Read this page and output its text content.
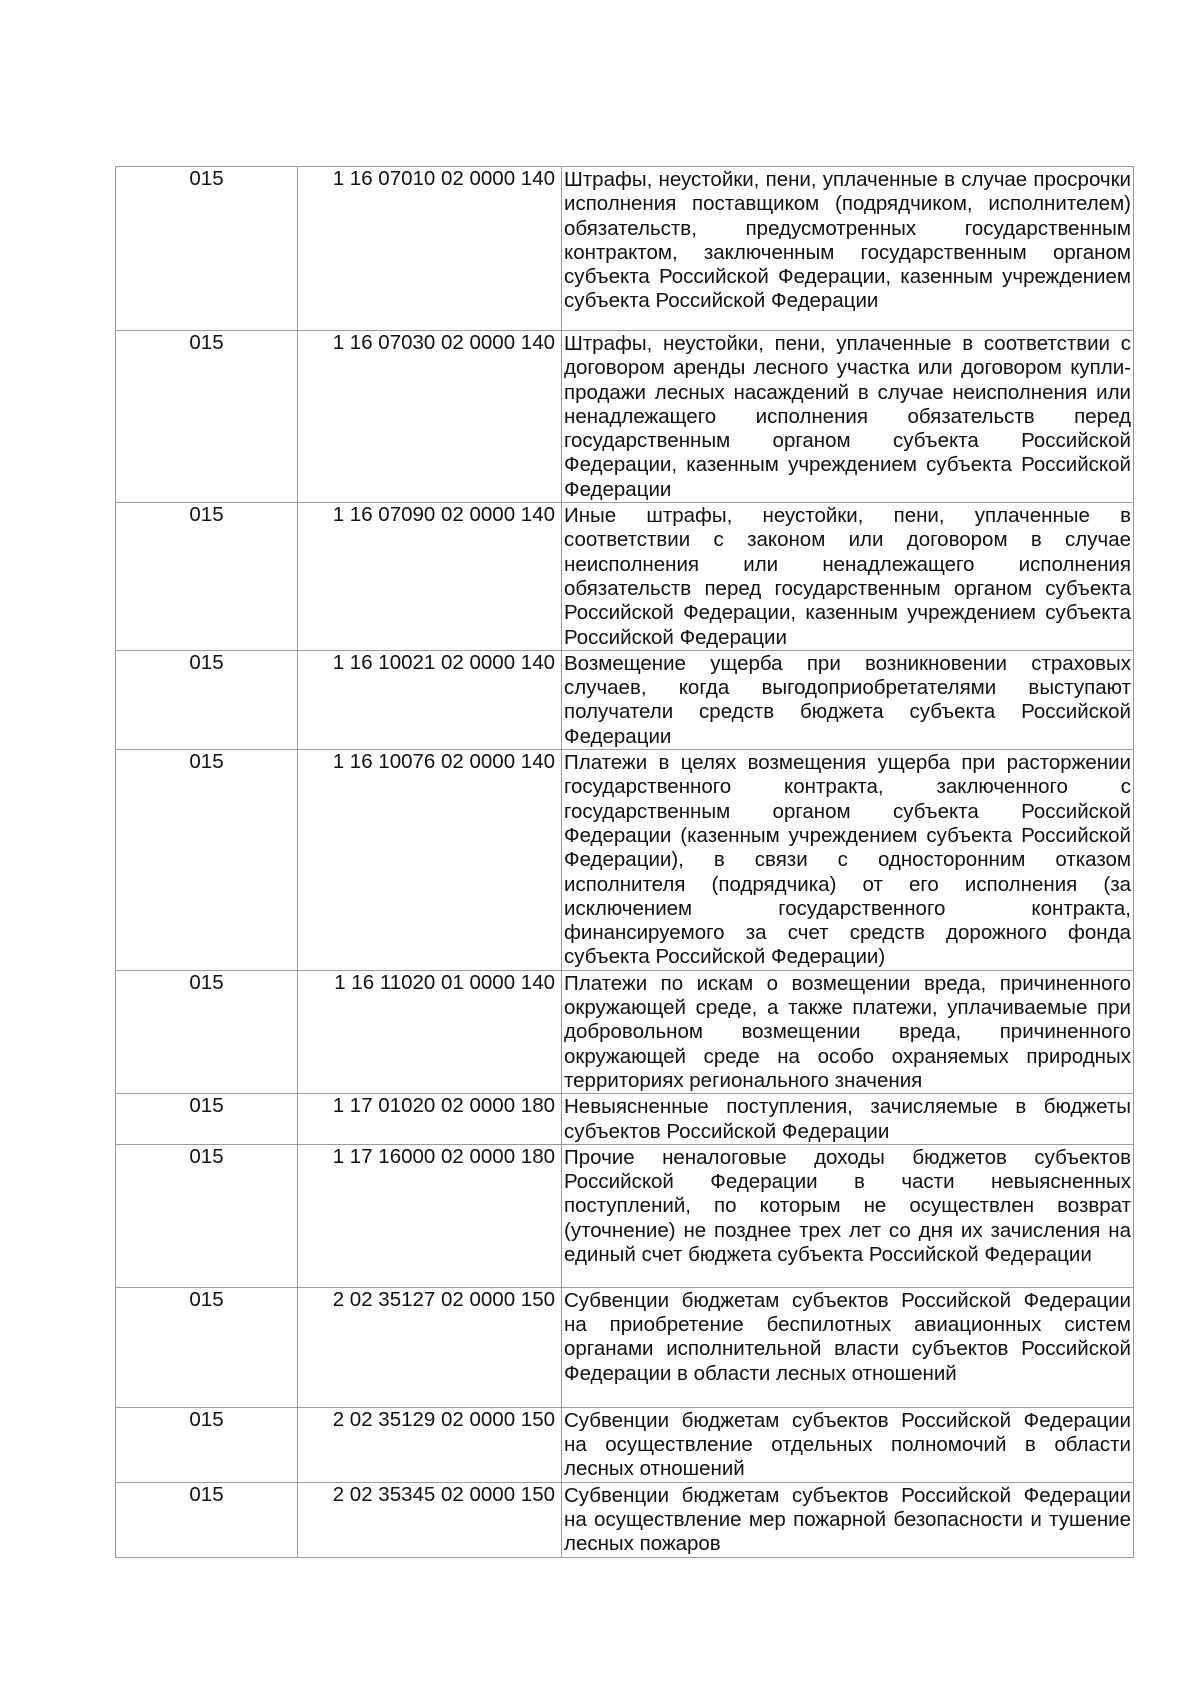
015	1 16 07010 02 0000 140	Штрафы, неустойки, пени, уплаченные в случае просрочки исполнения поставщиком (подрядчиком, исполнителем) обязательств, предусмотренных государственным контрактом, заключенным государственным органом субъекта Российской Федерации, казенным учреждением субъекта Российской Федерации
015	1 16 07030 02 0000 140	Штрафы, неустойки, пени, уплаченные в соответствии с договором аренды лесного участка или договором купли-продажи лесных насаждений в случае неисполнения или ненадлежащего исполнения обязательств перед государственным органом субъекта Российской Федерации, казенным учреждением субъекта Российской Федерации
015	1 16 07090 02 0000 140	Иные штрафы, неустойки, пени, уплаченные в соответствии с законом или договором в случае неисполнения или ненадлежащего исполнения обязательств перед государственным органом субъекта Российской Федерации, казенным учреждением субъекта Российской Федерации
015	1 16 10021 02 0000 140	Возмещение ущерба при возникновении страховых случаев, когда выгодоприобретателями выступают получатели средств бюджета субъекта Российской Федерации
015	1 16 10076 02 0000 140	Платежи в целях возмещения ущерба при расторжении государственного контракта, заключенного с государственным органом субъекта Российской Федерации (казенным учреждением субъекта Российской Федерации), в связи с односторонним отказом исполнителя (подрядчика) от его исполнения (за исключением государственного контракта, финансируемого за счет средств дорожного фонда субъекта Российской Федерации)
015	1 16 11020 01 0000 140	Платежи по искам о возмещении вреда, причиненного окружающей среде, а также платежи, уплачиваемые при добровольном возмещении вреда, причиненного окружающей среде на особо охраняемых природных территориях регионального значения
015	1 17 01020 02 0000 180	Невыясненные поступления, зачисляемые в бюджеты субъектов Российской Федерации
015	1 17 16000 02 0000 180	Прочие неналоговые доходы бюджетов субъектов Российской Федерации в части невыясненных поступлений, по которым не осуществлен возврат (уточнение) не позднее трех лет со дня их зачисления на единый счет бюджета субъекта Российской Федерации
015	2 02 35127 02 0000 150	Субвенции бюджетам субъектов Российской Федерации на приобретение беспилотных авиационных систем органами исполнительной власти субъектов Российской Федерации в области лесных отношений
015	2 02 35129 02 0000 150	Субвенции бюджетам субъектов Российской Федерации на осуществление отдельных полномочий в области лесных отношений
015	2 02 35345 02 0000 150	Субвенции бюджетам субъектов Российской Федерации на осуществление мер пожарной безопасности и тушение лесных пожаров
